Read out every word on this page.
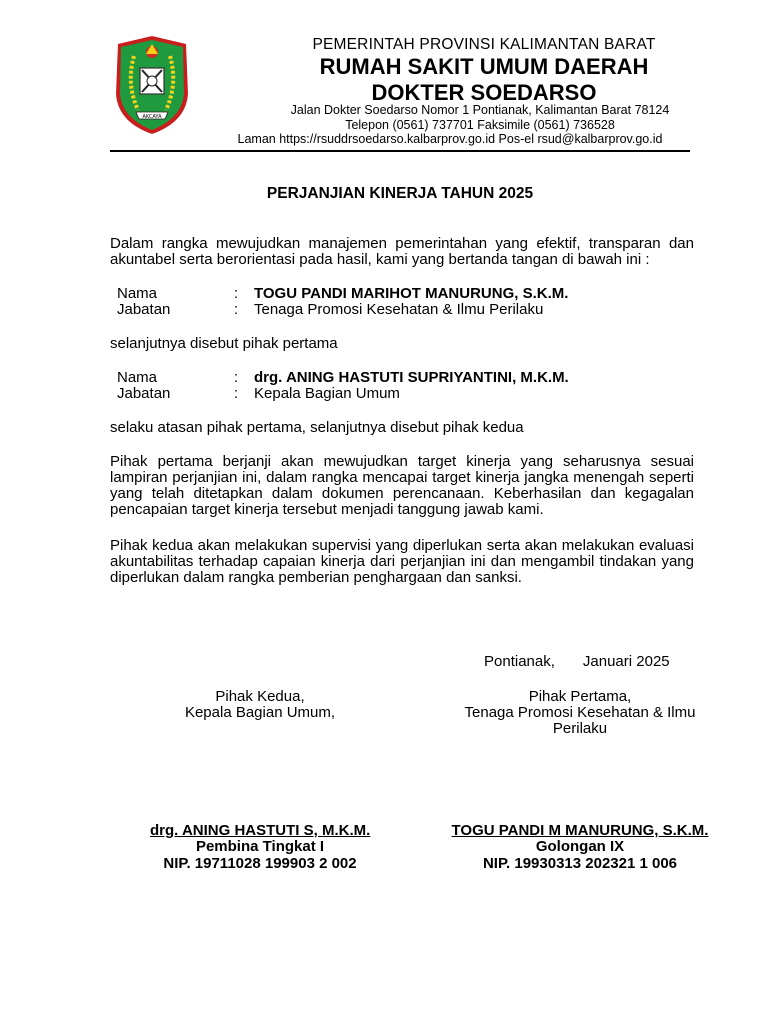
AKCAYA
PEMERINTAH PROVINSI KALIMANTAN BARAT
RUMAH SAKIT UMUM DAERAH
DOKTER SOEDARSO
Jalan Dokter Soedarso Nomor 1 Pontianak, Kalimantan Barat 78124
Telepon (0561) 737701 Faksimile (0561) 736528
Laman https://rsuddrsoedarso.kalbarprov.go.id Pos-el rsud@kalbarprov.go.id
PERJANJIAN KINERJA TAHUN 2025
Dalam rangka mewujudkan manajemen pemerintahan yang efektif, transparan dan akuntabel serta berorientasi pada hasil, kami yang bertanda tangan di bawah ini :
Nama	: TOGU PANDI MARIHOT MANURUNG, S.K.M.
Jabatan	: Tenaga Promosi Kesehatan & Ilmu Perilaku
selanjutnya disebut pihak pertama
Nama	: drg. ANING HASTUTI SUPRIYANTINI, M.K.M.
Jabatan	: Kepala Bagian Umum
selaku atasan pihak pertama, selanjutnya disebut pihak kedua
Pihak pertama berjanji akan mewujudkan target kinerja yang seharusnya sesuai lampiran perjanjian ini, dalam rangka mencapai target kinerja jangka menengah seperti yang telah ditetapkan dalam dokumen perencanaan. Keberhasilan dan kegagalan pencapaian target kinerja tersebut menjadi tanggung jawab kami.
Pihak kedua akan melakukan supervisi yang diperlukan serta akan melakukan evaluasi akuntabilitas terhadap capaian kinerja dari perjanjian ini dan mengambil tindakan yang diperlukan dalam rangka pemberian penghargaan dan sanksi.
Pontianak, Januari 2025
Pihak Kedua,
Kepala Bagian Umum,
drg. ANING HASTUTI S, M.K.M.
Pembina Tingkat I
NIP. 19711028 199903 2 002
Pihak Pertama,
Tenaga Promosi Kesehatan & Ilmu
Perilaku
TOGU PANDI M MANURUNG, S.K.M.
Golongan IX
NIP. 19930313 202321 1 006
